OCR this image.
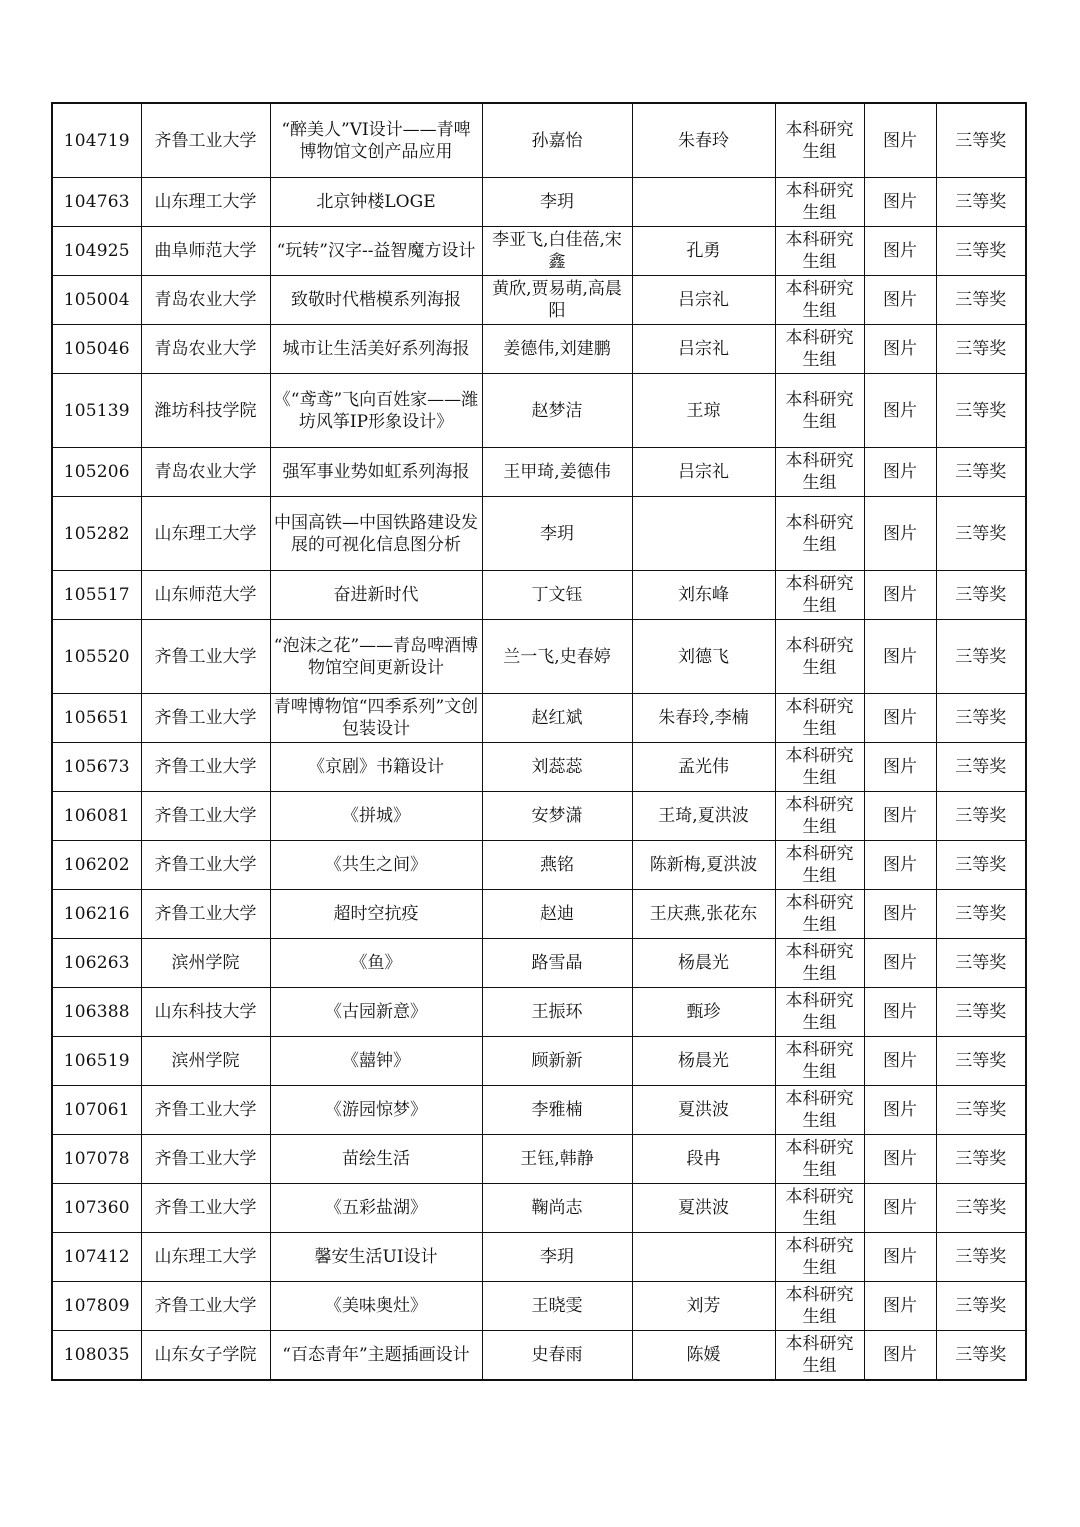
104719	齐鲁工业大学	“醉美人”VI设计——青啤博物馆文创产品应用	孙嘉怡	朱春玲	本科研究生组	图片	三等奖
104763	山东理工大学	北京钟楼LOGE	李玥		本科研究生组	图片	三等奖
104925	曲阜师范大学	“玩转”汉字--益智魔方设计	李亚飞,白佳蓓,宋鑫	孔勇	本科研究生组	图片	三等奖
105004	青岛农业大学	致敬时代楷模系列海报	黄欣,贾易萌,高晨阳	吕宗礼	本科研究生组	图片	三等奖
105046	青岛农业大学	城市让生活美好系列海报	姜德伟,刘建鹏	吕宗礼	本科研究生组	图片	三等奖
105139	潍坊科技学院	《“鸢鸢”飞向百姓家——潍坊风筝IP形象设计》	赵梦洁	王琼	本科研究生组	图片	三等奖
105206	青岛农业大学	强军事业势如虹系列海报	王甲琦,姜德伟	吕宗礼	本科研究生组	图片	三等奖
105282	山东理工大学	中国高铁—中国铁路建设发展的可视化信息图分析	李玥		本科研究生组	图片	三等奖
105517	山东师范大学	奋进新时代	丁文钰	刘东峰	本科研究生组	图片	三等奖
105520	齐鲁工业大学	“泡沫之花”——青岛啤酒博物馆空间更新设计	兰一飞,史春婷	刘德飞	本科研究生组	图片	三等奖
105651	齐鲁工业大学	青啤博物馆“四季系列”文创包装设计	赵红斌	朱春玲,李楠	本科研究生组	图片	三等奖
105673	齐鲁工业大学	《京剧》书籍设计	刘蕊蕊	孟光伟	本科研究生组	图片	三等奖
106081	齐鲁工业大学	《拼城》	安梦潇	王琦,夏洪波	本科研究生组	图片	三等奖
106202	齐鲁工业大学	《共生之间》	燕铭	陈新梅,夏洪波	本科研究生组	图片	三等奖
106216	齐鲁工业大学	超时空抗疫	赵迪	王庆燕,张花东	本科研究生组	图片	三等奖
106263	滨州学院	《鱼》	路雪晶	杨晨光	本科研究生组	图片	三等奖
106388	山东科技大学	《古园新意》	王振环	甄珍	本科研究生组	图片	三等奖
106519	滨州学院	《囍钟》	顾新新	杨晨光	本科研究生组	图片	三等奖
107061	齐鲁工业大学	《游园惊梦》	李雅楠	夏洪波	本科研究生组	图片	三等奖
107078	齐鲁工业大学	苗绘生活	王钰,韩静	段冉	本科研究生组	图片	三等奖
107360	齐鲁工业大学	《五彩盐湖》	鞠尚志	夏洪波	本科研究生组	图片	三等奖
107412	山东理工大学	馨安生活UI设计	李玥		本科研究生组	图片	三等奖
107809	齐鲁工业大学	《美味奥灶》	王晓雯	刘芳	本科研究生组	图片	三等奖
108035	山东女子学院	“百态青年”主题插画设计	史春雨	陈媛	本科研究生组	图片	三等奖
